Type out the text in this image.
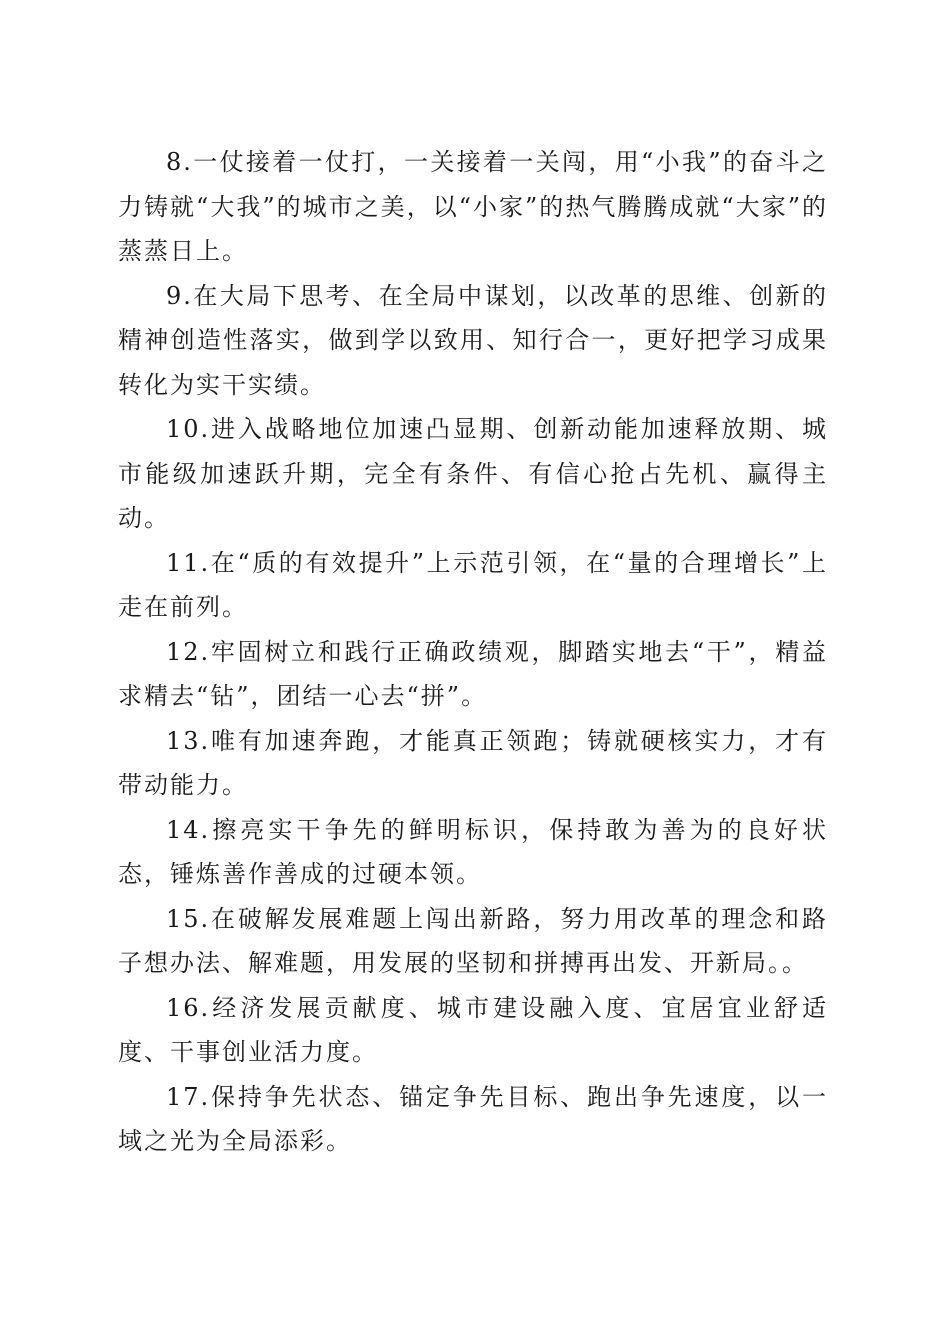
8.一仗接着一仗打，一关接着一关闯，用“小我”的奋斗之力铸就“大我”的城市之美，以“小家”的热气腾腾成就“大家”的蒸蒸日上。

9.在大局下思考、在全局中谋划，以改革的思维、创新的精神创造性落实，做到学以致用、知行合一，更好把学习成果转化为实干实绩。

10.进入战略地位加速凸显期、创新动能加速释放期、城市能级加速跃升期，完全有条件、有信心抢占先机、赢得主动。

11.在“质的有效提升”上示范引领，在“量的合理增长”上走在前列。

12.牢固树立和践行正确政绩观，脚踏实地去“干”，精益求精去“钻”，团结一心去“拼”。

13.唯有加速奔跑，才能真正领跑；铸就硬核实力，才有带动能力。

14.擦亮实干争先的鲜明标识，保持敢为善为的良好状态，锤炼善作善成的过硬本领。

15.在破解发展难题上闯出新路，努力用改革的理念和路子想办法、解难题，用发展的坚韧和拼搏再出发、开新局。。

16.经济发展贡献度、城市建设融入度、宜居宜业舒适度、干事创业活力度。

17.保持争先状态、锚定争先目标、跑出争先速度，以一域之光为全局添彩。
